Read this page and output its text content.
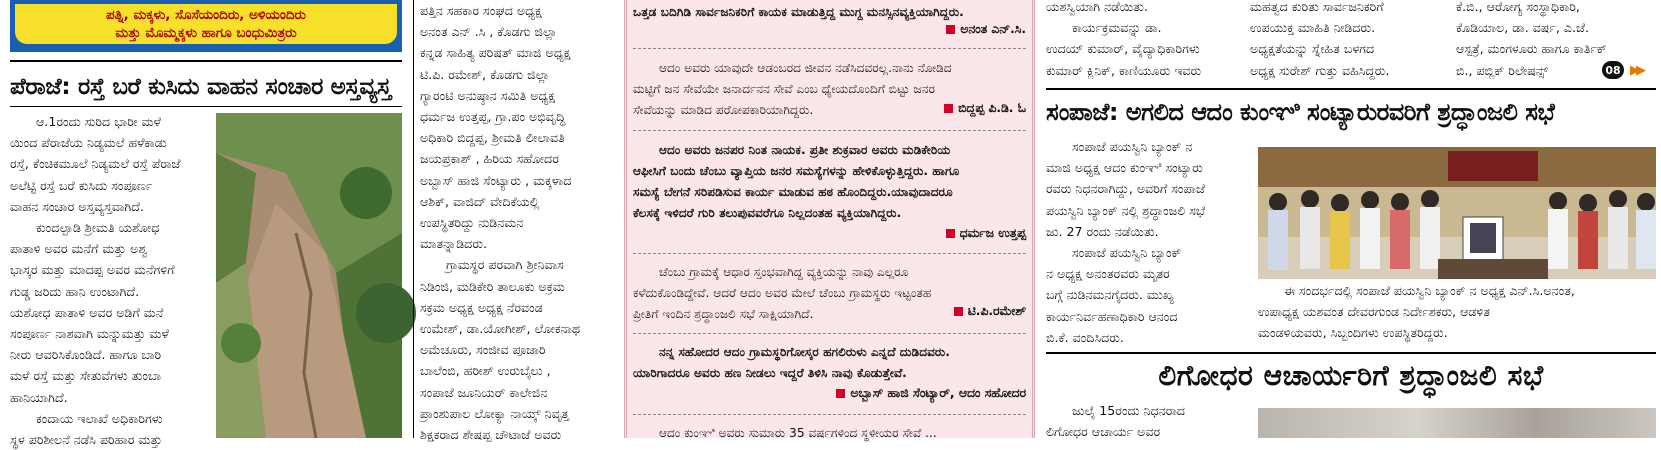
ಪತ್ನಿ, ಮಕ್ಕಳು, ಸೊಸೆಯಂದಿರು, ಅಳಿಯಂದಿರು
ಮತ್ತು ಮೊಮ್ಮಕ್ಕಳು ಹಾಗೂ ಬಂಧುಮಿತ್ರರು
ಪೆರಾಜೆ: ರಸ್ತೆ ಬರೆ ಕುಸಿದು ವಾಹನ ಸಂಚಾರ ಅಸ್ತವ್ಯಸ್ತ
ಆ.1ರಂದು ಸುರಿದ ಭಾರೀ ಮಳೆ
ಯಿಂದ ಪೆರಾಜೆಯ ನಿಡ್ಯಮಲೆ ಹಳೆಕಾಡು
ರಸ್ತೆ, ಕೆಂಚಿಕಮೂಲೆ ನಿಡ್ಯಮಲೆ ರಸ್ತೆ ಪೆರಾಜೆ
ಅಲೆಟ್ಟಿ ರಸ್ತೆ ಬರೆ ಕುಸಿದು ಸಂಪೂರ್ಣ
ವಾಹನ ಸಂಚಾರ ಅಸ್ತವ್ಯಸ್ತವಾಗಿದೆ.
ಕುಂದಲ್ಪಾಡಿ ಶ್ರೀಮತಿ ಯಶೋಧ
ಪಾತಾಳಿ ಅವರ ಮನೆಗೆ ಮತ್ತು ಅಶ್ವ
ಭಾಸ್ಕರ ಮತ್ತು ಮಾದಪ್ಪ ಅವರ ಮನೆಗಳಿಗೆ
ಗುಡ್ಡ ಜರಿದು ಹಾನಿ ಉಂಟಾಗಿದೆ.
ಯಶೋಧ ಪಾತಾಳಿ ಅವರ ಅಡಿಗೆ ಮನೆ
ಸಂಪೂರ್ಣ ನಾಶವಾಗಿ ಮನ್ನುಮತ್ತು ಮಳೆ
ನೀರು ಆವರಿಸಿಕೊಂಡಿದೆ. ಹಾಗೂ ಬಾರಿ
ಮಳೆ ರಸ್ತೆ ಮತ್ತು ಸೇತುವೆಗಳು ತುಂಬಾ
ಹಾನಿಯಾಗಿದೆ.
ಕಂದಾಯ ಇಲಾಖೆ ಅಧಿಕಾರಿಗಳು
ಸ್ಥಳ ಪರಿಶೀಲನೆ ನಡೆಸಿ ಪರಿಹಾರ ಮತ್ತು
ಪತ್ತಿನ ಸಹಕಾರ ಸಂಘದ ಅಧ್ಯಕ್ಷ
ಅನಂತ ಎನ್ .ಸಿ , ಕೊಡಗು ಜಿಲ್ಲಾ
ಕನ್ನಡ ಸಾಹಿತ್ಯ ಪರಿಷತ್ ಮಾಜಿ ಅಧ್ಯಕ್ಷ
ಟಿ.ಪಿ. ರಮೇಶ್, ಕೊಡಗು ಜಿಲ್ಲಾ
ಗ್ಯಾರಂಟಿ ಅನುಷ್ಠಾನ ಸಮಿತಿ ಅಧ್ಯಕ್ಷ
ಧರ್ಮಜ ಉತ್ತಪ್ಪ, ಗ್ರಾ.ಪಂ ಅಭಿವೃದ್ಧಿ
ಅಧಿಕಾರಿ ಬಿದ್ದಪ್ಪ, ಶ್ರೀಮತಿ ಲೀಲಾವತಿ
ಜಯಪ್ರಕಾಶ್ , ಹಿರಿಯ ಸಹೋದರ
ಅಬ್ಬಾಸ್ ಹಾಜಿ ಸೆಂಟ್ಯಾರು , ಮಕ್ಕಳಾದ
ಆಶಿಕ್, ವಾಜಿದ್ ವೇದಿಕೆಯಲ್ಲಿ
ಉಪಸ್ಥಿತರಿದ್ದು ನುಡಿನಮನ
ಮಾತನ್ನಾಡಿದರು.
ಗ್ರಾಮಸ್ಥರ ಪರವಾಗಿ ಶ್ರೀನಿವಾಸ
ನಿಡಿಂಜಿ, ಮಡಿಕೇರಿ ತಾಲೂಕು ಅಕ್ರಮ
ಸಕ್ರಮ ಅಧ್ಯಕ್ಷ ಅಧ್ಯಕ್ಷ ನೆರವಂಡ
ಉಮೇಶ್, ಡಾ.ಯೋಗೀಶ್, ಲೋಕನಾಥ
ಅಮೆಚೂರು, ಸಂಜೀವ ಪೂಜಾರಿ
ಬಾಲೆಂಬಿ, ಹರೀಶ್ ಉರುಬೈಲು ,
ಸಂಪಾಜೆ ಜೂನಿಯರ್ ಕಾಲೇಜಿನ
ಪ್ರಾಂಶುಪಾಲ ಲೋಕ್ಯಾ ನಾಯ್ಕ್ ನಿವೃತ್ತ
ಶಿಕ್ಷಕರಾದ ಶೇಷಪ್ಪ ಚೌಟಾಜೆ ಅವರು
ಒತ್ತಡ ಬದಿಗಿಡಿ ಸಾರ್ವಜನಿಕರಿಗೆ ಕಾಯಕ ಮಾಡುತ್ತಿದ್ದ ಮುಗ್ದ ಮನಸ್ಸಿನವ್ಯಕ್ತಿಯಾಗಿದ್ದರು.
ಅನಂತ ಎನ್.ಸಿ.
ಆದಂ ಅವರು ಯಾವುದೇ ಆಡಂಬರದ ಜೀವನ ನಡೆಸಿದವರಲ್ಲ.ನಾನು ನೋಡಿದ
ಮಟ್ಟಿಗೆ ಜನ ಸೇವೆಯೇ ಜನಾರ್ದನನ ಸೇವೆ ಎಂಬ ಧ್ಯೇಯದೊಂದಿಗೆ ಬಿಟ್ಟು ಜನರ
ಸೇವೆಯನ್ನು ಮಾಡಿದ ಪರೋಪಕಾರಿಯಾಗಿದ್ದರು.	ಬಿದ್ದಪ್ಪ ಪಿ.ಡಿ. ಓ
ಆದಂ ಅವರು ಜನಪರ ನಿಂತ ನಾಯಕ. ಪ್ರತೀ ಶುಕ್ರವಾರ ಅವರು ಮಡಿಕೇರಿಯ
ಆಫೀಸಿಗೆ ಬಂದು ಚೆಂಬು ವ್ಯಾಪ್ತಿಯ ಜನರ ಸಮಸ್ಯೆಗಳನ್ನು ಹೇಳಿಕೊಳ್ಳುತ್ತಿದ್ದರು. ಹಾಗೂ
ಸಮಸ್ಯೆ ಬೇಗನೆ ಸರಿಪಡಿಸುವ ಕಾರ್ಯ ಮಾಡುವ ಹಠ ಹೊಂದಿದ್ದರು.ಯಾವುದಾದರೂ
ಕೆಲಸಕ್ಕೆ ಇಳಿದರೆ ಗುರಿ ತಲುಪುವವರೆಗೂ ನಿಲ್ಲದಂತಹ ವ್ಯಕ್ತಿಯಾಗಿದ್ದರು.
ಧರ್ಮಜ ಉತ್ತಪ್ಪ
ಚೆಂಬು ಗ್ರಾಮಕ್ಕೆ ಆಧಾರ ಸ್ತಂಭವಾಗಿದ್ದ ವ್ಯಕ್ತಿಯನ್ನು ನಾವು ಎಲ್ಲರೂ
ಕಳೆದುಕೊಂಡಿದ್ದೇವೆ. ಆದರೆ ಆದಂ ಅವರ ಮೇಲೆ ಚೆಂಬು ಗ್ರಾಮಸ್ಥರು ಇಟ್ಟಂತಹ
ಪ್ರೀತಿಗೆ ಇಂದಿನ ಶ್ರದ್ಧಾಂಜಲಿ ಸಭೆ ಸಾಕ್ಷಿಯಾಗಿದೆ.	ಟಿ.ಪಿ.ರಮೇಶ್
ನನ್ನ ಸಹೋದರ ಆದಂ ಗ್ರಾಮಸ್ಥರಿಗೋಸ್ಕರ ಹಗಲಿರುಳು ಎನ್ನದೆ ದುಡಿದವರು.
ಯಾರಿಗಾದರೂ ಅವರು ಹಣ ನೀಡಲು ಇದ್ದರೆ ತಿಳಿಸಿ ನಾವು ಕೊಡುತ್ತೇವೆ.
ಅಬ್ಬಾಸ್ ಹಾಜಿ ಸೆಂಟ್ಯಾರ್, ಆದಂ ಸಹೋದರ
ಆದಂ ಕುಂಞಿ ಅವರು ಸುಮಾರು 35 ವರ್ಷಗಳಿಂದ ಸ್ಥಳೀಯರ ಸೇವೆ ...
ಯಶಸ್ವಿಯಾಗಿ ನಡೆಯಿತು.
ಕಾರ್ಯಕ್ರಮವನ್ನು ಡಾ.
ಉದಯ್ ಕುಮಾರ್, ವೈದ್ಯಾಧಿಕಾರಿಗಳು
ಕುಮಾರ್ ಕ್ಲಿನಿಕ್, ಕಾಣಿಯೂರು ಇವರು
ಮಹತ್ವದ ಕುರಿತು ಸಾರ್ವಜನಿಕರಿಗೆ
ಉಪಯುಕ್ತ ಮಾಹಿತಿ ನೀಡಿದರು.
ಅಧ್ಯಕ್ಷತೆಯನ್ನು ಸ್ನೇಹಿತ ಬಳಗದ
ಅಧ್ಯಕ್ಷ ಸುರೇಶ್ ಗುತ್ತು ವಹಿಸಿದ್ದರು.
ಕೆ.ಬಿ., ಆರೋಗ್ಯ ಸಂಸ್ಥಾಧಿಕಾರಿ,
ಕೊಡಿಯಾಲ, ಡಾ. ವರ್ಷ, ಎ.ಜೆ.
ಆಸ್ಪತ್ರೆ, ಮಂಗಳೂರು ಹಾಗೂ ಕಾರ್ತಿಕ್
ಬಿ., ಪಬ್ಲಿಕ್ ರಿಲೇಷನ್ಸ್	08 ▶▶
ಸಂಪಾಜೆ: ಅಗಲಿದ ಆದಂ ಕುಂಞಿ ಸಂಟ್ಯಾರುರವರಿಗೆ ಶ್ರದ್ಧಾಂಜಲಿ ಸಭೆ
ಸಂಪಾಜೆ ಪಯಸ್ವಿನಿ ಬ್ಯಾಂಕ್ ನ
ಮಾಜಿ ಅಧ್ಯಕ್ಷ ಆದಂ ಕುಂಞಿ ಸಂಟ್ಯಾರು
ರವರು ನಿಧನರಾಗಿದ್ದು, ಅವರಿಗೆ ಸಂಪಾಜೆ
ಪಯಸ್ವಿನಿ ಬ್ಯಾಂಕ್ ನಲ್ಲಿ ಶ್ರದ್ಧಾಂಜಲಿ ಸಭೆ
ಜು. 27 ರಂದು ನಡೆಯಿತು.
ಸಂಪಾಜೆ ಪಯಸ್ವಿನಿ ಬ್ಯಾಂಕ್
ನ ಅಧ್ಯಕ್ಷ ಅನಂತರವರು ಮೃತರ
ಬಗ್ಗೆ ನುಡಿನಮನಗೈದರು. ಮುಖ್ಯ
ಕಾರ್ಯನಿರ್ವಹಣಾಧಿಕಾರಿ ಆನಂದ
ಬಿ.ಕೆ. ವಂದಿಸಿದರು.
ಈ ಸಂದರ್ಭದಲ್ಲಿ ಸಂಪಾಜೆ ಪಯಸ್ವಿನಿ ಬ್ಯಾಂಕ್ ನ ಅಧ್ಯಕ್ಷ ಎನ್.ಸಿ.ಅನಂತ,
ಉಪಾಧ್ಯಕ್ಷ ಯಶವಂತ ದೇವರಗುಂಡ ನಿರ್ದೇಶಕರು, ಆಡಳಿತ
ಮಂಡಳಿಯವರು, ಸಿಬ್ಬಂದಿಗಳು ಉಪಸ್ಥಿತರಿದ್ದರು.
ಲಿಗೋಧರ ಆಚಾರ್ಯರಿಗೆ ಶ್ರದ್ಧಾಂಜಲಿ ಸಭೆ
ಜುಲೈ 15ರಂದು ನಿಧನರಾದ
ಲಿಗೋಧರ ಆಚಾರ್ಯ ಅವರ
